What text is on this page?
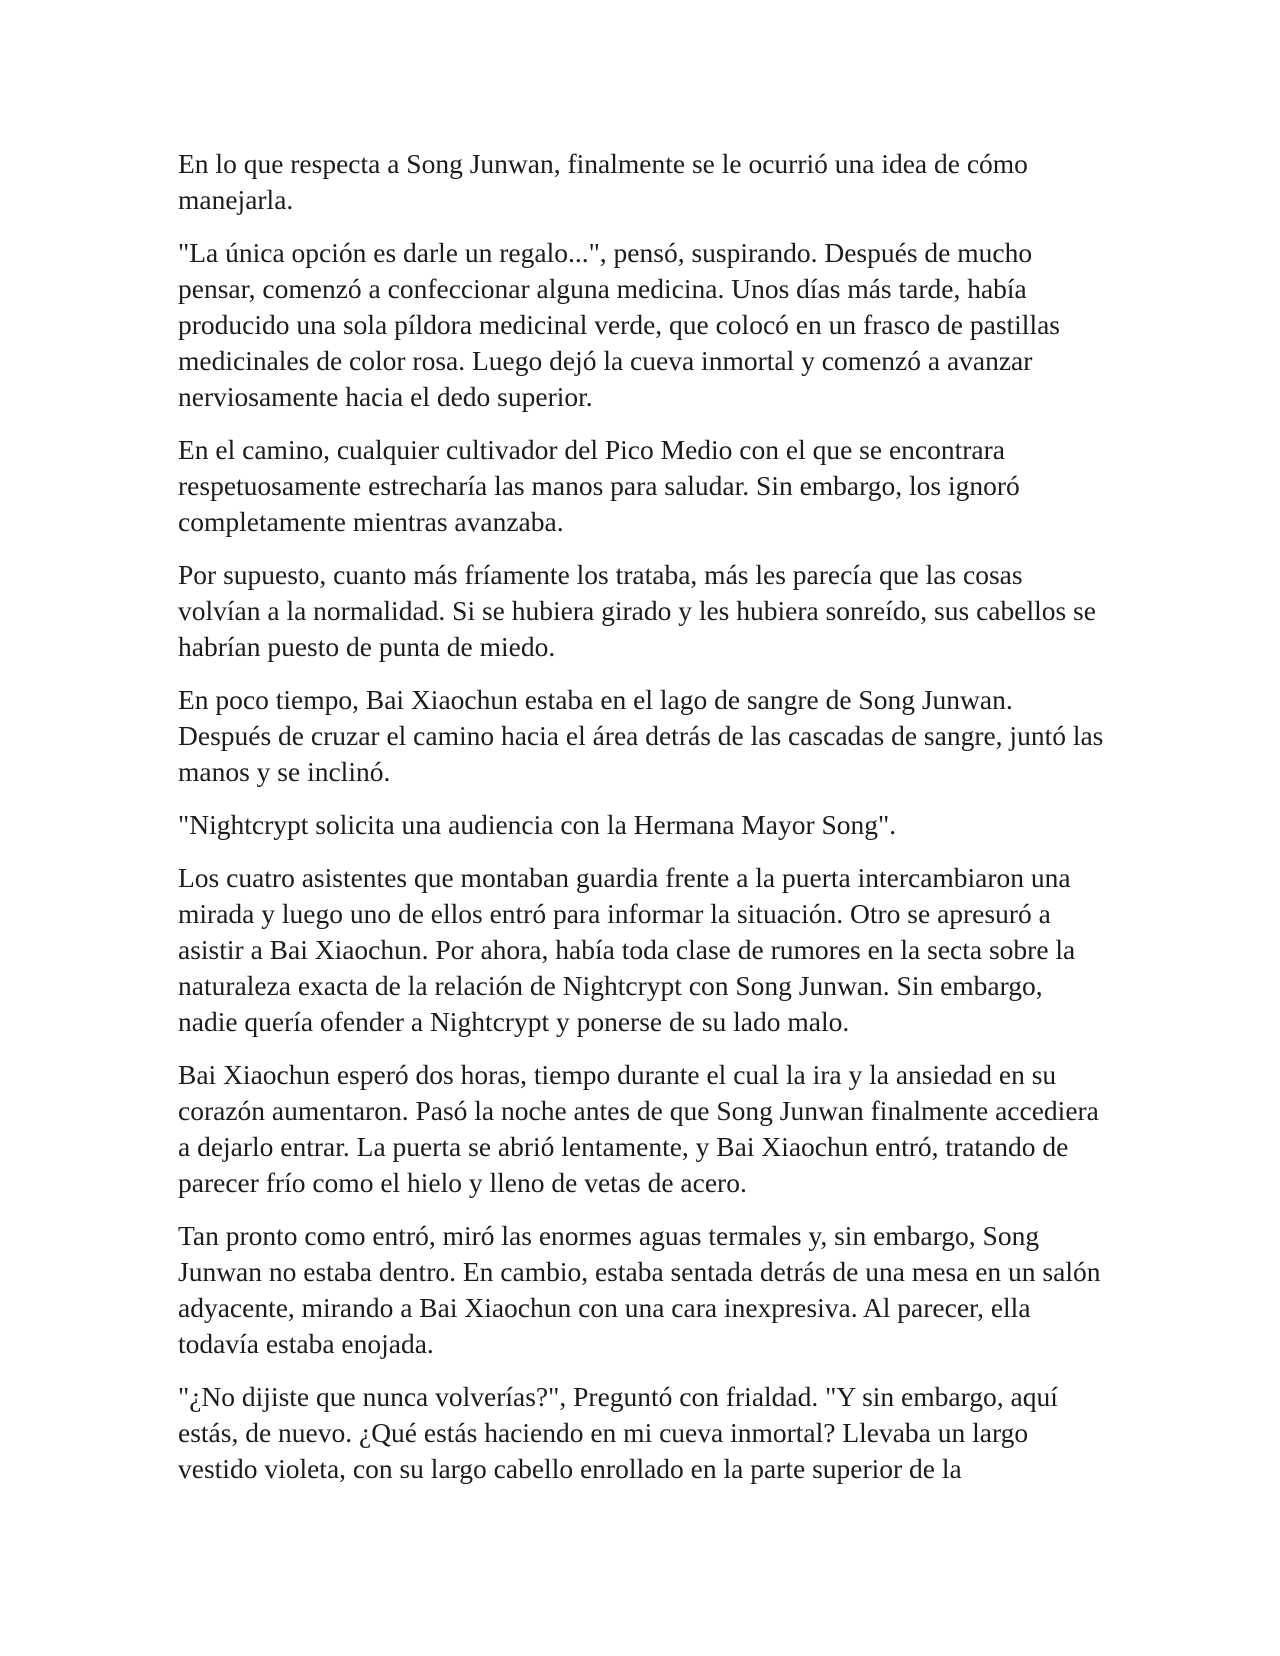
En lo que respecta a Song Junwan, finalmente se le ocurrió una idea de cómo manejarla.

"La única opción es darle un regalo...", pensó, suspirando. Después de mucho pensar, comenzó a confeccionar alguna medicina. Unos días más tarde, había producido una sola píldora medicinal verde, que colocó en un frasco de pastillas medicinales de color rosa. Luego dejó la cueva inmortal y comenzó a avanzar nerviosamente hacia el dedo superior.

En el camino, cualquier cultivador del Pico Medio con el que se encontrara respetuosamente estrecharía las manos para saludar. Sin embargo, los ignoró completamente mientras avanzaba.

Por supuesto, cuanto más fríamente los trataba, más les parecía que las cosas volvían a la normalidad. Si se hubiera girado y les hubiera sonreído, sus cabellos se habrían puesto de punta de miedo.

En poco tiempo, Bai Xiaochun estaba en el lago de sangre de Song Junwan. Después de cruzar el camino hacia el área detrás de las cascadas de sangre, juntó las manos y se inclinó.

"Nightcrypt solicita una audiencia con la Hermana Mayor Song".

Los cuatro asistentes que montaban guardia frente a la puerta intercambiaron una mirada y luego uno de ellos entró para informar la situación. Otro se apresuró a asistir a Bai Xiaochun. Por ahora, había toda clase de rumores en la secta sobre la naturaleza exacta de la relación de Nightcrypt con Song Junwan. Sin embargo, nadie quería ofender a Nightcrypt y ponerse de su lado malo.

Bai Xiaochun esperó dos horas, tiempo durante el cual la ira y la ansiedad en su corazón aumentaron. Pasó la noche antes de que Song Junwan finalmente accediera a dejarlo entrar. La puerta se abrió lentamente, y Bai Xiaochun entró, tratando de parecer frío como el hielo y lleno de vetas de acero.

Tan pronto como entró, miró las enormes aguas termales y, sin embargo, Song Junwan no estaba dentro. En cambio, estaba sentada detrás de una mesa en un salón adyacente, mirando a Bai Xiaochun con una cara inexpresiva. Al parecer, ella todavía estaba enojada.

"¿No dijiste que nunca volverías?", Preguntó con frialdad. "Y sin embargo, aquí estás, de nuevo. ¿Qué estás haciendo en mi cueva inmortal? Llevaba un largo vestido violeta, con su largo cabello enrollado en la parte superior de la
